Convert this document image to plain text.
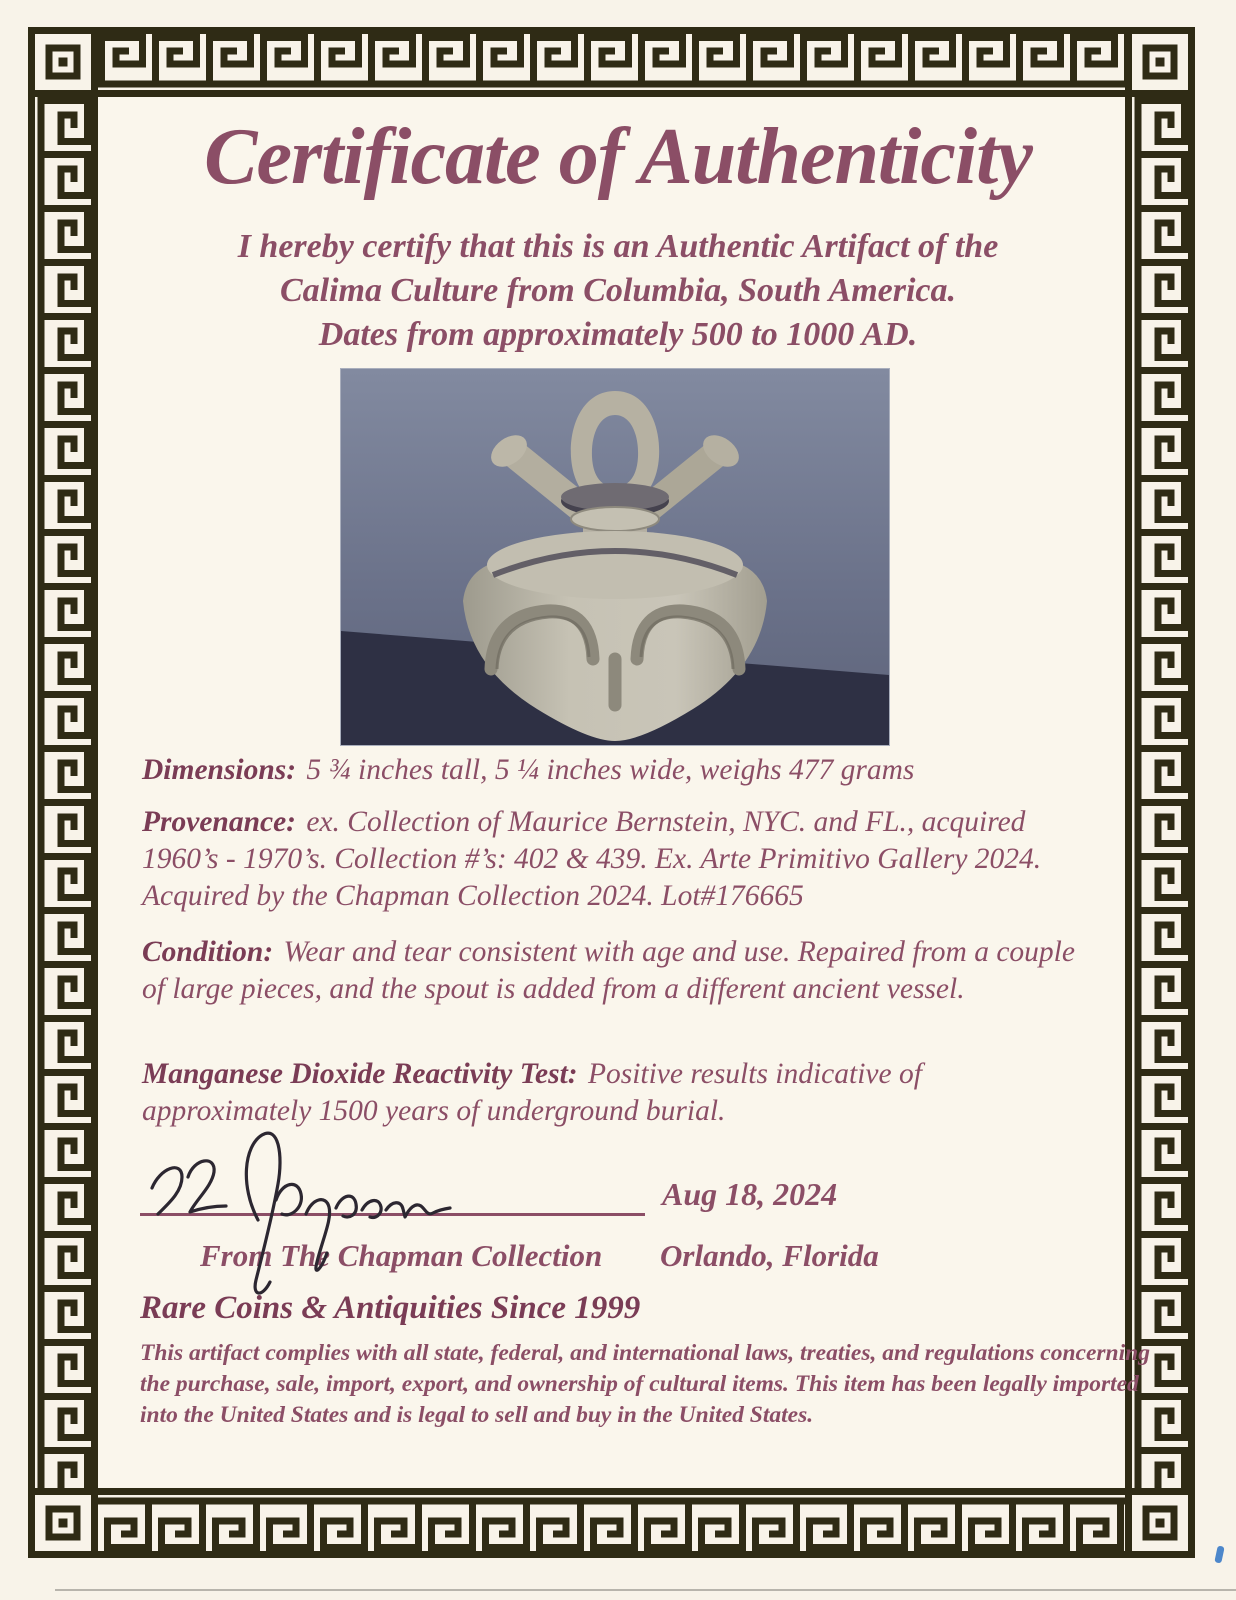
Certificate of Authenticity
I hereby certify that this is an Authentic Artifact of the
Calima Culture from Columbia, South America.
Dates from approximately 500 to 1000 AD.

Dimensions: 5 ¾ inches tall, 5 ¼ inches wide, weighs 477 grams

Provenance: ex. Collection of Maurice Bernstein, NYC. and FL., acquired 1960’s - 1970’s. Collection #’s: 402 & 439. Ex. Arte Primitivo Gallery 2024. Acquired by the Chapman Collection 2024. Lot#176665

Condition: Wear and tear consistent with age and use. Repaired from a couple of large pieces, and the spout is added from a different ancient vessel.

Manganese Dioxide Reactivity Test: Positive results indicative of approximately 1500 years of underground burial.

Aug 18, 2024
From The Chapman Collection Orlando, Florida
Rare Coins & Antiquities Since 1999

This artifact complies with all state, federal, and international laws, treaties, and regulations concerning the purchase, sale, import, export, and ownership of cultural items. This item has been legally imported into the United States and is legal to sell and buy in the United States.
